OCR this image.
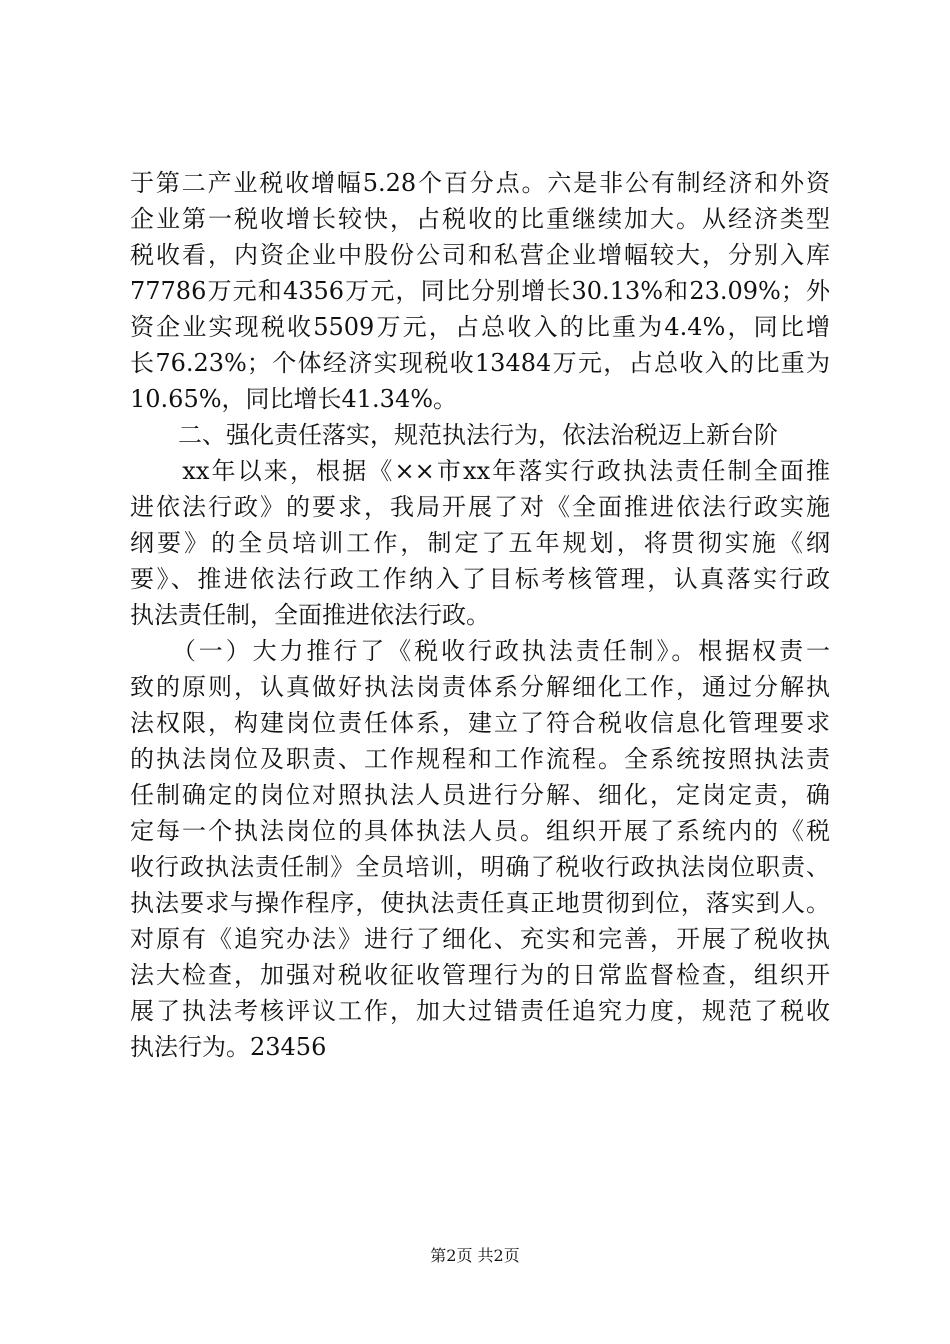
于第二产业税收增幅5.28个百分点。六是非公有制经济和外资
企业第一税收增长较快，占税收的比重继续加大。从经济类型
税收看，内资企业中股份公司和私营企业增幅较大，分别入库
77786万元和4356万元，同比分别增长30.13%和23.09%；外
资企业实现税收5509万元，占总收入的比重为4.4%，同比增
长76.23%；个体经济实现税收13484万元，占总收入的比重为
10.65%，同比增长41.34%。
　　二、强化责任落实，规范执法行为，依法治税迈上新台阶
　　xx年以来，根据《××市xx年落实行政执法责任制全面推
进依法行政》的要求，我局开展了对《全面推进依法行政实施
纲要》的全员培训工作，制定了五年规划，将贯彻实施《纲
要》、推进依法行政工作纳入了目标考核管理，认真落实行政
执法责任制，全面推进依法行政。
　　（一）大力推行了《税收行政执法责任制》。根据权责一
致的原则，认真做好执法岗责体系分解细化工作，通过分解执
法权限，构建岗位责任体系，建立了符合税收信息化管理要求
的执法岗位及职责、工作规程和工作流程。全系统按照执法责
任制确定的岗位对照执法人员进行分解、细化，定岗定责，确
定每一个执法岗位的具体执法人员。组织开展了系统内的《税
收行政执法责任制》全员培训，明确了税收行政执法岗位职责、
执法要求与操作程序，使执法责任真正地贯彻到位，落实到人。
对原有《追究办法》进行了细化、充实和完善，开展了税收执
法大检查，加强对税收征收管理行为的日常监督检查，组织开
展了执法考核评议工作，加大过错责任追究力度，规范了税收
执法行为。23456
第2页 共2页
